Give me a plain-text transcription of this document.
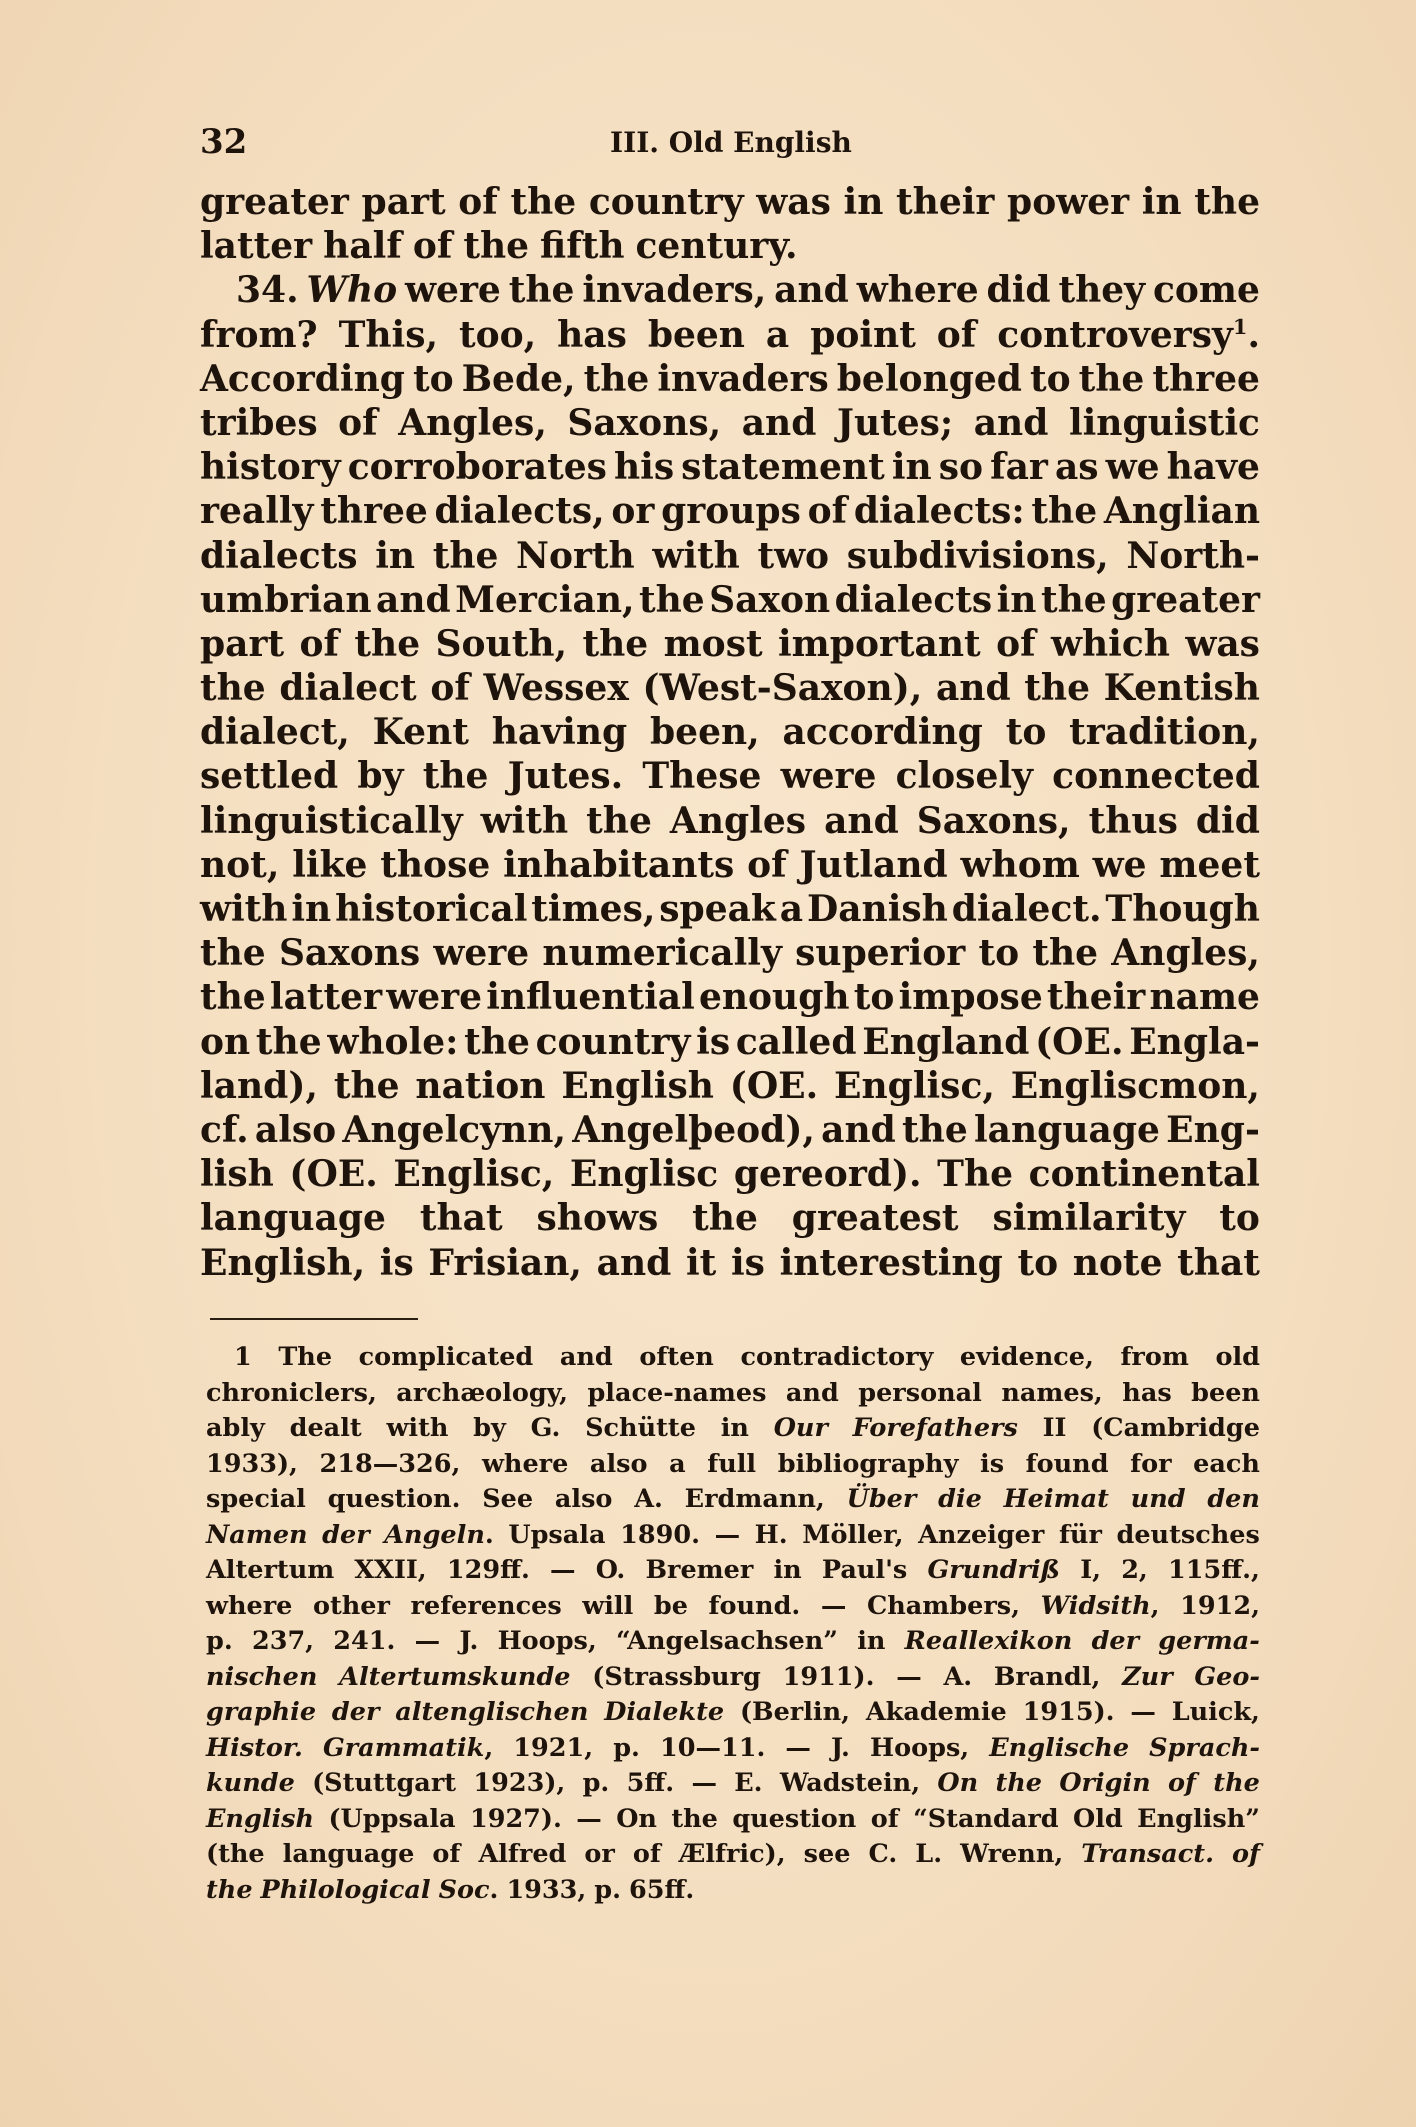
32	III. Old English
greater part of the country was in their power in the
latter half of the fifth century.
34. Who were the invaders, and where did they come
from? This, too, has been a point of controversy$^1$.
According to Bede, the invaders belonged to the three
tribes of Angles, Saxons, and Jutes; and linguistic
history corroborates his statement in so far as we have
really three dialects, or groups of dialects: the Anglian
dialects in the North with two subdivisions, North-
umbrian and Mercian, the Saxon dialects in the greater
part of the South, the most important of which was
the dialect of Wessex (West-Saxon), and the Kentish
dialect, Kent having been, according to tradition,
settled by the Jutes. These were closely connected
linguistically with the Angles and Saxons, thus did
not, like those inhabitants of Jutland whom we meet
with in historical times, speak a Danish dialect. Though
the Saxons were numerically superior to the Angles,
the latter were influential enough to impose their name
on the whole: the country is called England (OE. Engla-
land), the nation English (OE. Englisc, Engliscmon,
cf. also Angelcynn, Angelþeod), and the language Eng-
lish (OE. Englisc, Englisc gereord). The continental
language that shows the greatest similarity to
English, is Frisian, and it is interesting to note that
1 The complicated and often contradictory evidence, from old
chroniclers, archæology, place-names and personal names, has been
ably dealt with by G. Schütte in Our Forefathers II (Cambridge
1933), 218—326, where also a full bibliography is found for each
special question. See also A. Erdmann, Über die Heimat und den
Namen der Angeln. Upsala 1890. — H. Möller, Anzeiger für deutsches
Altertum XXII, 129ff. — O. Bremer in Paul's Grundriß I, 2, 115ff.,
where other references will be found. — Chambers, Widsith, 1912,
p. 237, 241. — J. Hoops, “Angelsachsen” in Reallexikon der germa-
nischen Altertumskunde (Strassburg 1911). — A. Brandl, Zur Geo-
graphie der altenglischen Dialekte (Berlin, Akademie 1915). — Luick,
Histor. Grammatik, 1921, p. 10—11. — J. Hoops, Englische Sprach-
kunde (Stuttgart 1923), p. 5ff. — E. Wadstein, On the Origin of the
English (Uppsala 1927). — On the question of “Standard Old English”
(the language of Alfred or of Ælfric), see C. L. Wrenn, Transact. of
the Philological Soc. 1933, p. 65ff.
